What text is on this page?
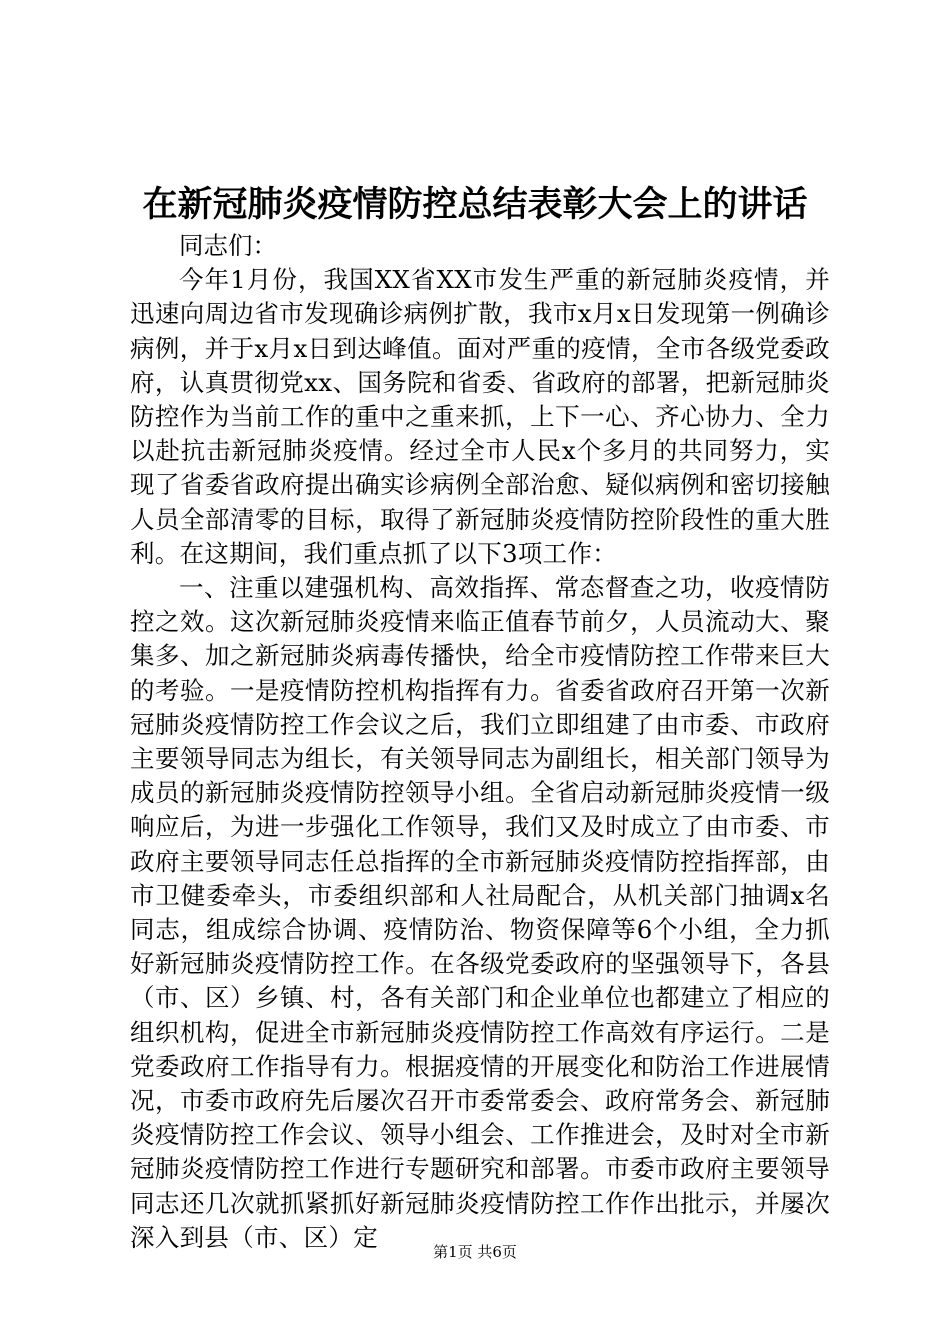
在新冠肺炎疫情防控总结表彰大会上的讲话

同志们：

今年1月份，我国XX省XX市发生严重的新冠肺炎疫情，并迅速向周边省市发现确诊病例扩散，我市x月x日发现第一例确诊病例，并于x月x日到达峰值。面对严重的疫情，全市各级党委政府，认真贯彻党xx、国务院和省委、省政府的部署，把新冠肺炎防控作为当前工作的重中之重来抓，上下一心、齐心协力、全力以赴抗击新冠肺炎疫情。经过全市人民x个多月的共同努力，实现了省委省政府提出确实诊病例全部治愈、疑似病例和密切接触人员全部清零的目标，取得了新冠肺炎疫情防控阶段性的重大胜利。在这期间，我们重点抓了以下3项工作：

一、注重以建强机构、高效指挥、常态督查之功，收疫情防控之效。这次新冠肺炎疫情来临正值春节前夕，人员流动大、聚集多、加之新冠肺炎病毒传播快，给全市疫情防控工作带来巨大的考验。一是疫情防控机构指挥有力。省委省政府召开第一次新冠肺炎疫情防控工作会议之后，我们立即组建了由市委、市政府主要领导同志为组长，有关领导同志为副组长，相关部门领导为成员的新冠肺炎疫情防控领导小组。全省启动新冠肺炎疫情一级响应后，为进一步强化工作领导，我们又及时成立了由市委、市政府主要领导同志任总指挥的全市新冠肺炎疫情防控指挥部，由市卫健委牵头，市委组织部和人社局配合，从机关部门抽调x名同志，组成综合协调、疫情防治、物资保障等6个小组，全力抓好新冠肺炎疫情防控工作。在各级党委政府的坚强领导下，各县（市、区）乡镇、村，各有关部门和企业单位也都建立了相应的组织机构，促进全市新冠肺炎疫情防控工作高效有序运行。二是党委政府工作指导有力。根据疫情的开展变化和防治工作进展情况，市委市政府先后屡次召开市委常委会、政府常务会、新冠肺炎疫情防控工作会议、领导小组会、工作推进会，及时对全市新冠肺炎疫情防控工作进行专题研究和部署。市委市政府主要领导同志还几次就抓紧抓好新冠肺炎疫情防控工作作出批示，并屡次深入到县（市、区）定

第1页 共6页
